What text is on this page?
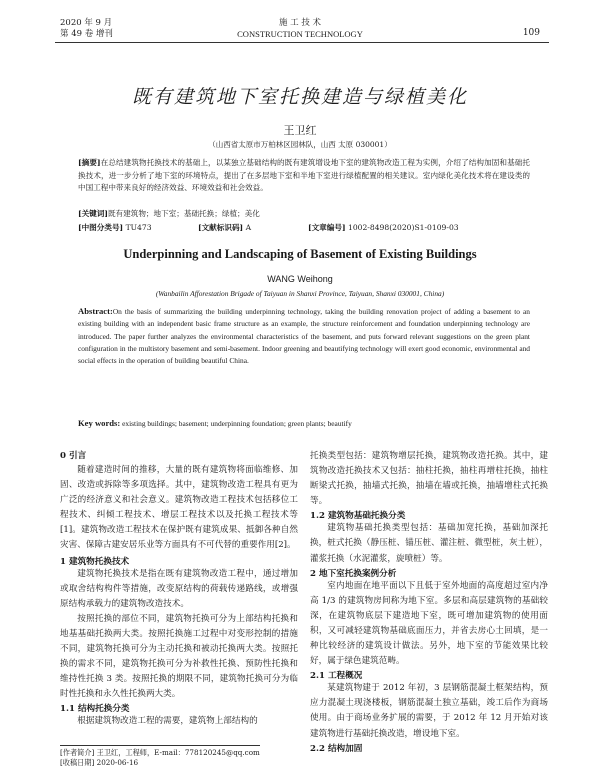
2020 年 9 月
第 49 卷 增刊
施 工 技 术
CONSTRUCTION TECHNOLOGY	109
既有建筑地下室托换建造与绿植美化
王卫红
（山西省太原市万柏林区园林队，山西 太原 030001）
[摘要]在总结建筑物托换技术的基础上，以某独立基础结构的既有建筑增设地下室的建筑物改造工程为实例，介绍了结构加固和基础托换技术，进一步分析了地下室的环境特点，提出了在多层地下室和半地下室进行绿植配置的相关建议。室内绿化美化技术将在建设类的中国工程中带来良好的经济效益、环境效益和社会效益。
[关键词]既有建筑物；地下室；基础托换；绿植；美化
[中图分类号] TU473	[文献标识码] A	[文章编号] 1002-8498(2020)S1-0109-03
Underpinning and Landscaping of Basement of Existing Buildings
WANG Weihong
(Wanbailin Afforestation Brigade of Taiyuan in Shanxi Province, Taiyuan, Shanxi 030001, China)
Abstract:On the basis of summarizing the building underpinning technology, taking the building renovation project of adding a basement to an existing building with an independent basic frame structure as an example, the structure reinforcement and foundation underpinning technology are introduced. The paper further analyzes the environmental characteristics of the basement, and puts forward relevant suggestions on the green plant configuration in the multistory basement and semi-basement. Indoor greening and beautifying technology will exert good economic, environmental and social effects in the operation of building beautiful China.
Key words: existing buildings; basement; underpinning foundation; green plants; beautify
0 引言
随着建造时间的推移，大量的既有建筑物将面临维修、加固、改造或拆除等多项选择。其中，建筑物改造工程具有更为广泛的经济意义和社会意义。建筑物改造工程技术包括移位工程技术、纠倾工程技术、增层工程技术以及托换工程技术等[1]。建筑物改造工程技术在保护既有建筑成果、抵御各种自然灾害、保障古建安居乐业等方面具有不可代替的重要作用[2]。
1 建筑物托换技术
建筑物托换技术是指在既有建筑物改造工程中，通过增加或取舍结构构件等措施，改变原结构的荷载传递路线，或增强原结构承载力的建筑物改造技术。
按照托换的部位不同，建筑物托换可分为上部结构托换和地基基础托换两大类。按照托换施工过程中对变形控制的措施不同，建筑物托换可分为主动托换和被动托换两大类。按照托换的需求不同，建筑物托换可分为补救性托换、预防性托换和维持性托换 3 类。按照托换的期限不同，建筑物托换可分为临时性托换和永久性托换两大类。
1.1 结构托换分类
根据建筑物改造工程的需要，建筑物上部结构的
托换类型包括：建筑物增层托换，建筑物改造托换。其中，建筑物改造托换技术又包括：抽柱托换，抽柱再增柱托换，抽柱断梁式托换，抽墙式托换，抽墙在墙或托换，抽墙增柱式托换等。
1.2 建筑物基础托换分类
建筑物基础托换类型包括：基础加宽托换，基础加深托换，桩式托换（静压桩、锚压桩、灌注桩、微型桩，灰土桩），灌浆托换（水泥灌浆，旋喷桩）等。
2 地下室托换案例分析
室内地面在地平面以下且低于室外地面的高度超过室内净高 1/3 的建筑物房间称为地下室。多层和高层建筑物的基础较深，在建筑物底层下建造地下室，既可增加建筑物的使用面积，又可减轻建筑物基础底面压力，并省去房心土回填，是一种比较经济的建筑设计做法。另外，地下室的节能效果比较好，属于绿色建筑范畴。
2.1 工程概况
某建筑物建于 2012 年初，3 层钢筋混凝土框架结构，预应力混凝土现浇楼板，钢筋混凝土独立基础，竣工后作为商场使用。由于商场业务扩展的需要，于 2012 年 12 月开始对该建筑物进行基础托换改造，增设地下室。
2.2 结构加固
[作者简介] 王卫红，工程师，E-mail：778120245@qq.com
[收稿日期] 2020-06-16
